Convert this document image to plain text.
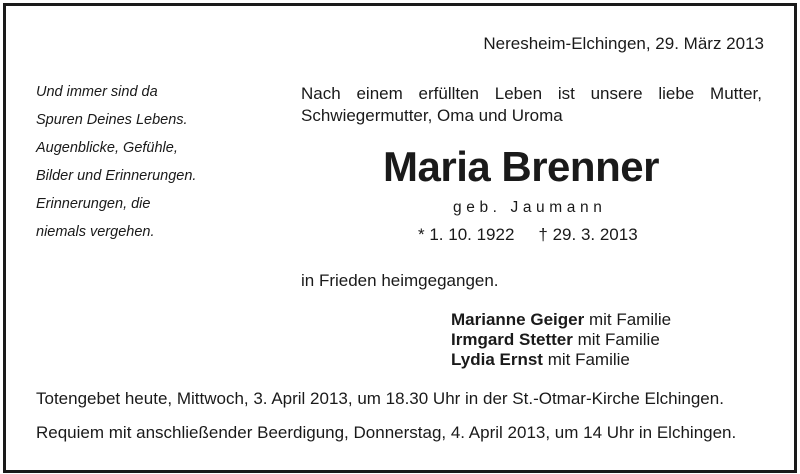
Neresheim-Elchingen, 29. März 2013
Und immer sind da
Spuren Deines Lebens.
Augenblicke, Gefühle,
Bilder und Erinnerungen.
Erinnerungen, die
niemals vergehen.
Nach einem erfüllten Leben ist unsere liebe Mutter,
Schwiegermutter, Oma und Uroma
Maria Brenner
geb. Jaumann
* 1. 10. 1922 † 29. 3. 2013
in Frieden heimgegangen.
Marianne Geiger mit Familie
Irmgard Stetter mit Familie
Lydia Ernst mit Familie
Totengebet heute, Mittwoch, 3. April 2013, um 18.30 Uhr in der St.-Otmar-Kirche Elchingen.
Requiem mit anschließender Beerdigung, Donnerstag, 4. April 2013, um 14 Uhr in Elchingen.
